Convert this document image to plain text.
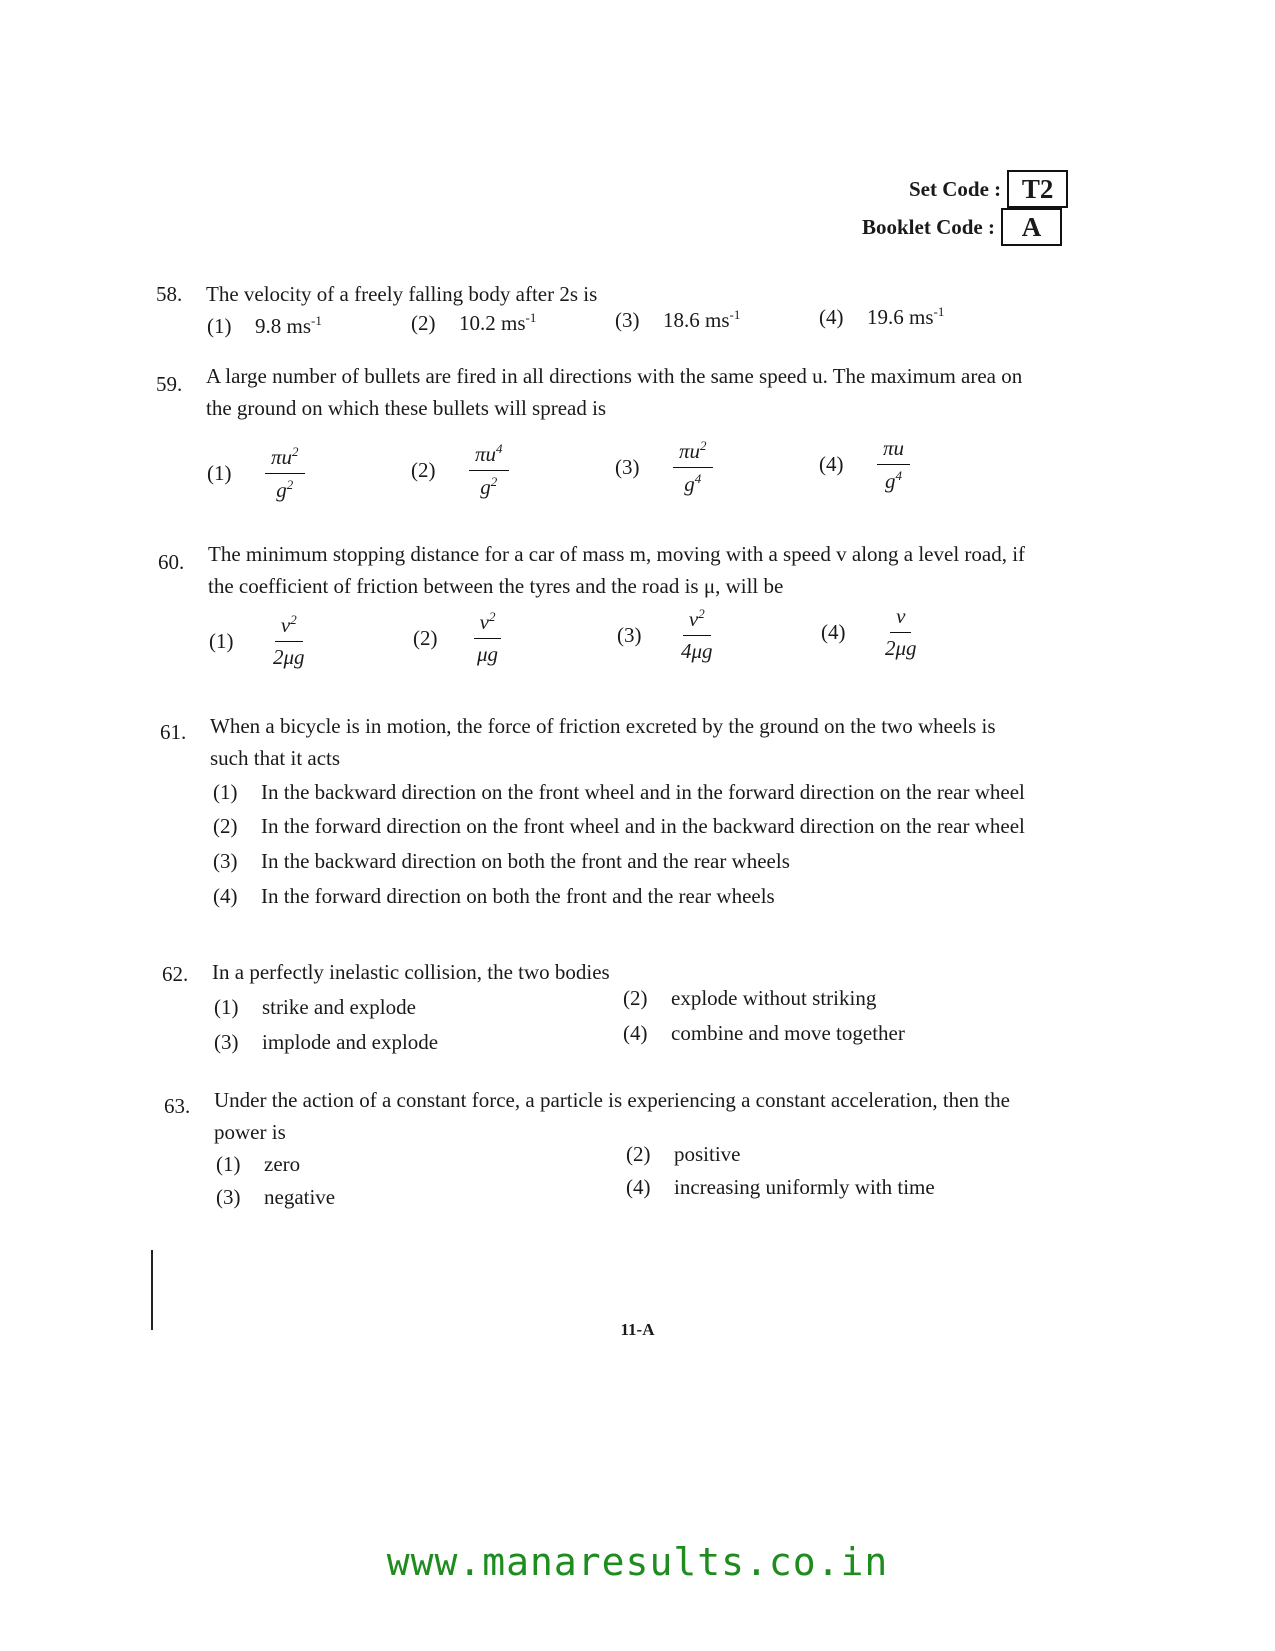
Set Code : T2
Booklet Code : A
58.	The velocity of a freely falling body after 2s is
(1) 9.8 $ms^{-1}$	(2) 10.2 $ms^{-1}$	(3) 18.6 $ms^{-1}$	(4) 19.6 $ms^{-1}$
59.	A large number of bullets are fired in all directions with the same speed u. The maximum area on
the ground on which these bullets will spread is
(1)	$\frac{\pi u^2}{g^2}$	(2)	$\frac{\pi u^4}{g^2}$	(3)	$\frac{\pi u^2}{g^4}$	(4)	$\frac{\pi u}{g^4}$
60.	The minimum stopping distance for a car of mass m, moving with a speed v along a level road, if
the coefficient of friction between the tyres and the road is μ, will be
(1)	$\frac{v^2}{2\mu g}$	(2)	$\frac{v^2}{\mu g}$	(3)	$\frac{v^2}{4\mu g}$	(4)	$\frac{v}{2\mu g}$
61.	When a bicycle is in motion, the force of friction excreted by the ground on the two wheels is
such that it acts
(1) In the backward direction on the front wheel and in the forward direction on the rear wheel
(2) In the forward direction on the front wheel and in the backward direction on the rear wheel
(3) In the backward direction on both the front and the rear wheels
(4) In the forward direction on both the front and the rear wheels
62.	In a perfectly inelastic collision, the two bodies
(1) strike and explode	(2) explode without striking
(3) implode and explode	(4) combine and move together
63.	Under the action of a constant force, a particle is experiencing a constant acceleration, then the
power is
(1) zero	(2) positive
(3) negative	(4) increasing uniformly with time
11-A
www.manaresults.co.in
